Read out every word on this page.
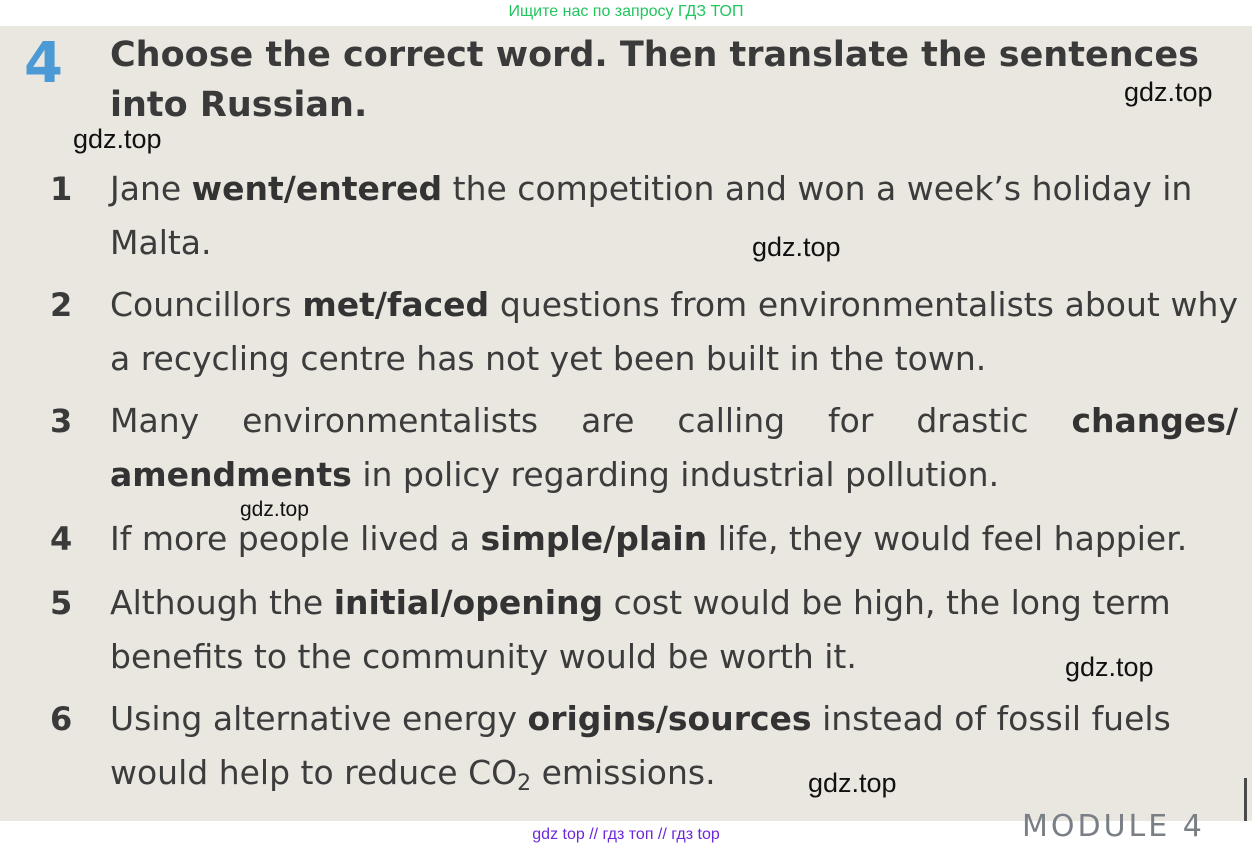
Ищите нас по запросу ГДЗ ТОП
4 Choose the correct word. Then translate the sentences into Russian.

1	Jane went/entered the competition and won a week’s holiday in Malta.

2	Councillors met/faced questions from environmentalists about why a recycling centre has not yet been built in the town.

3	Many environmentalists are calling for drastic changes/ amendments in policy regarding industrial pollution.

4	If more people lived a simple/plain life, they would feel happier.

5	Although the initial/opening cost would be high, the long term benefits to the community would be worth it.

6	Using alternative energy origins/sources instead of fossil fuels would help to reduce $CO_2$ emissions.

gdz.top
gdz.top
gdz.top
gdz.top
gdz.top
gdz.top
MODULE 4
gdz top // гдз топ // гдз top
